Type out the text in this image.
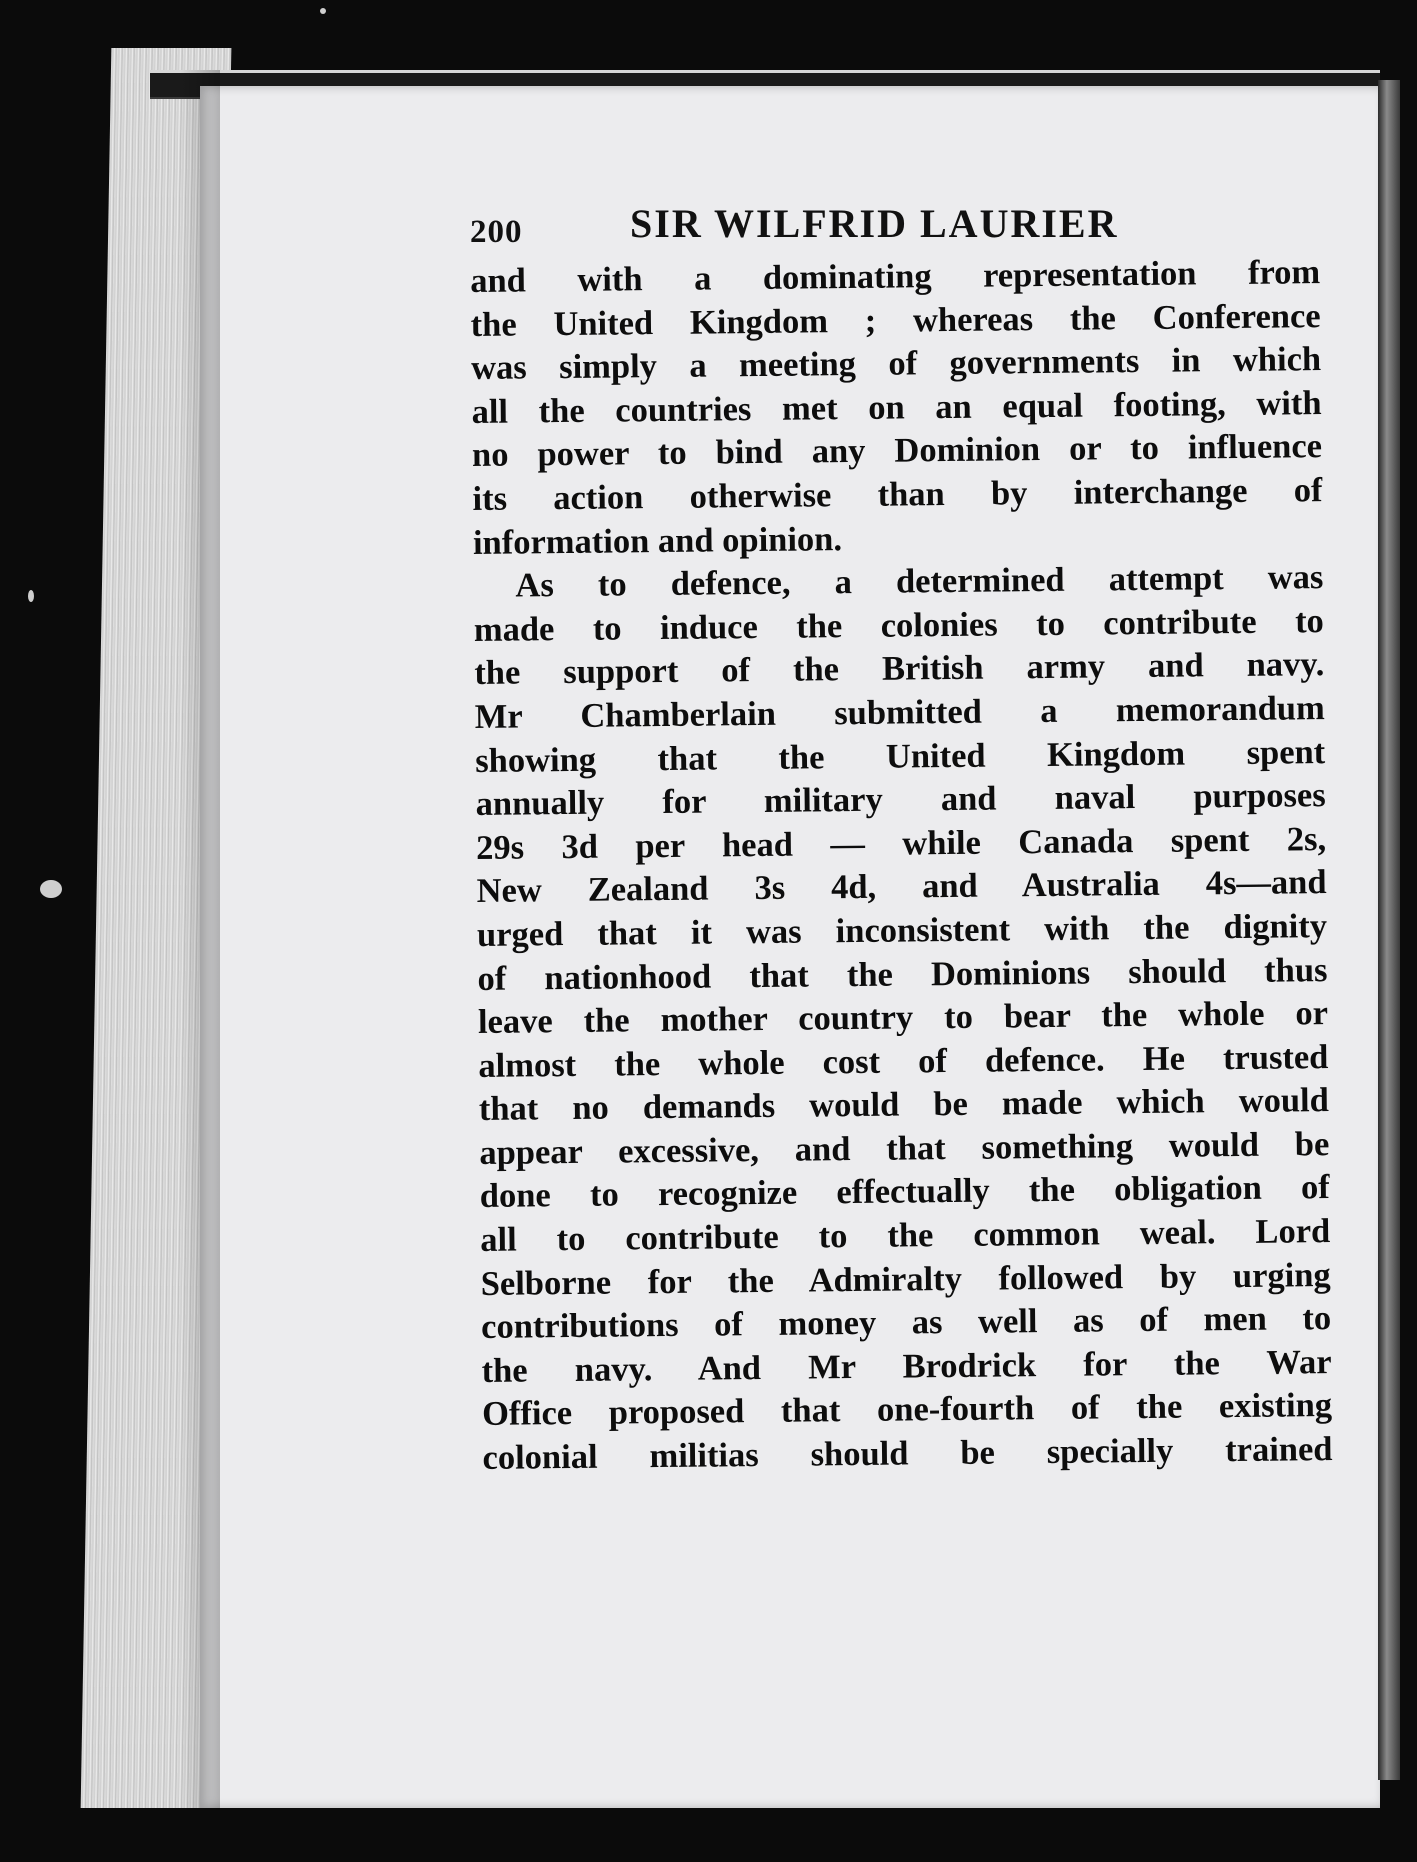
200	SIR WILFRID LAURIER
and with a dominating representation from
the United Kingdom ; whereas the Conference
was simply a meeting of governments in which
all the countries met on an equal footing, with
no power to bind any Dominion or to influence
its action otherwise than by interchange of
information and opinion.
As to defence, a determined attempt was
made to induce the colonies to contribute to
the support of the British army and navy.
Mr Chamberlain submitted a memorandum
showing that the United Kingdom spent
annually for military and naval purposes
29s 3d per head — while Canada spent 2s,
New Zealand 3s 4d, and Australia 4s—and
urged that it was inconsistent with the dignity
of nationhood that the Dominions should thus
leave the mother country to bear the whole or
almost the whole cost of defence. He trusted
that no demands would be made which would
appear excessive, and that something would be
done to recognize effectually the obligation of
all to contribute to the common weal. Lord
Selborne for the Admiralty followed by urging
contributions of money as well as of men to
the navy. And Mr Brodrick for the War
Office proposed that one-fourth of the existing
colonial militias should be specially trained
